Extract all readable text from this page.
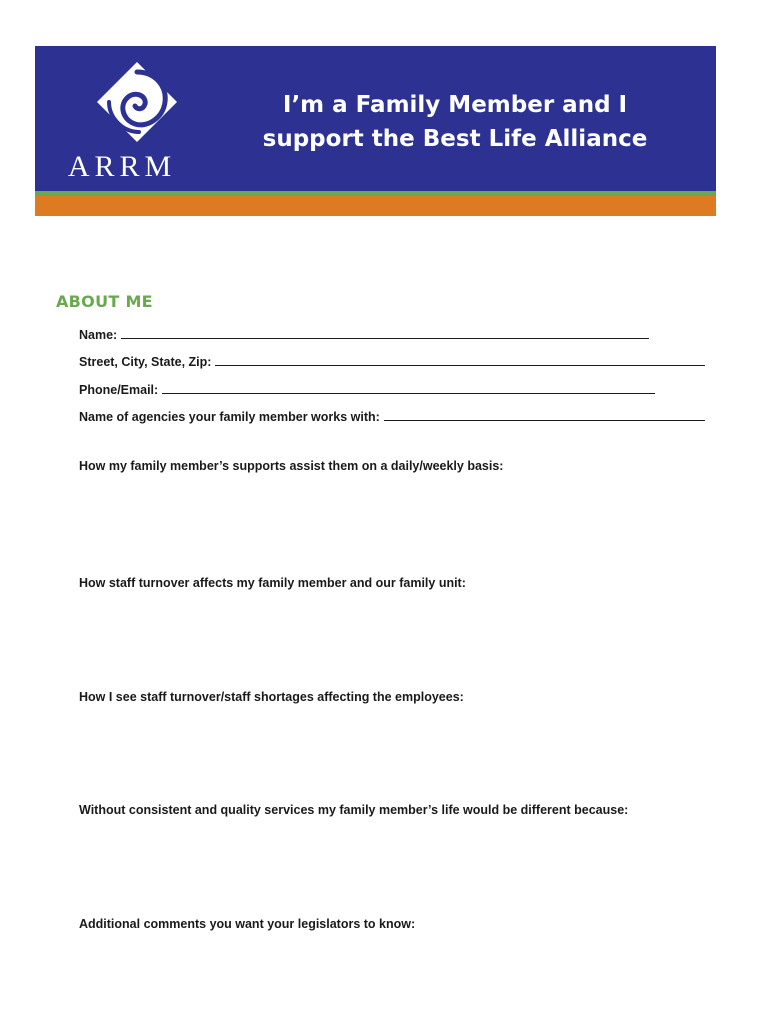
ARRM
I’m a Family Member and I
support the Best Life Alliance
ABOUT ME
Name:
Street, City, State, Zip:
Phone/Email:
Name of agencies your family member works with:

How my family member’s supports assist them on a daily/weekly basis:

How staff turnover affects my family member and our family unit:

How I see staff turnover/staff shortages affecting the employees:

Without consistent and quality services my family member’s life would be different because:

Additional comments you want your legislators to know:
